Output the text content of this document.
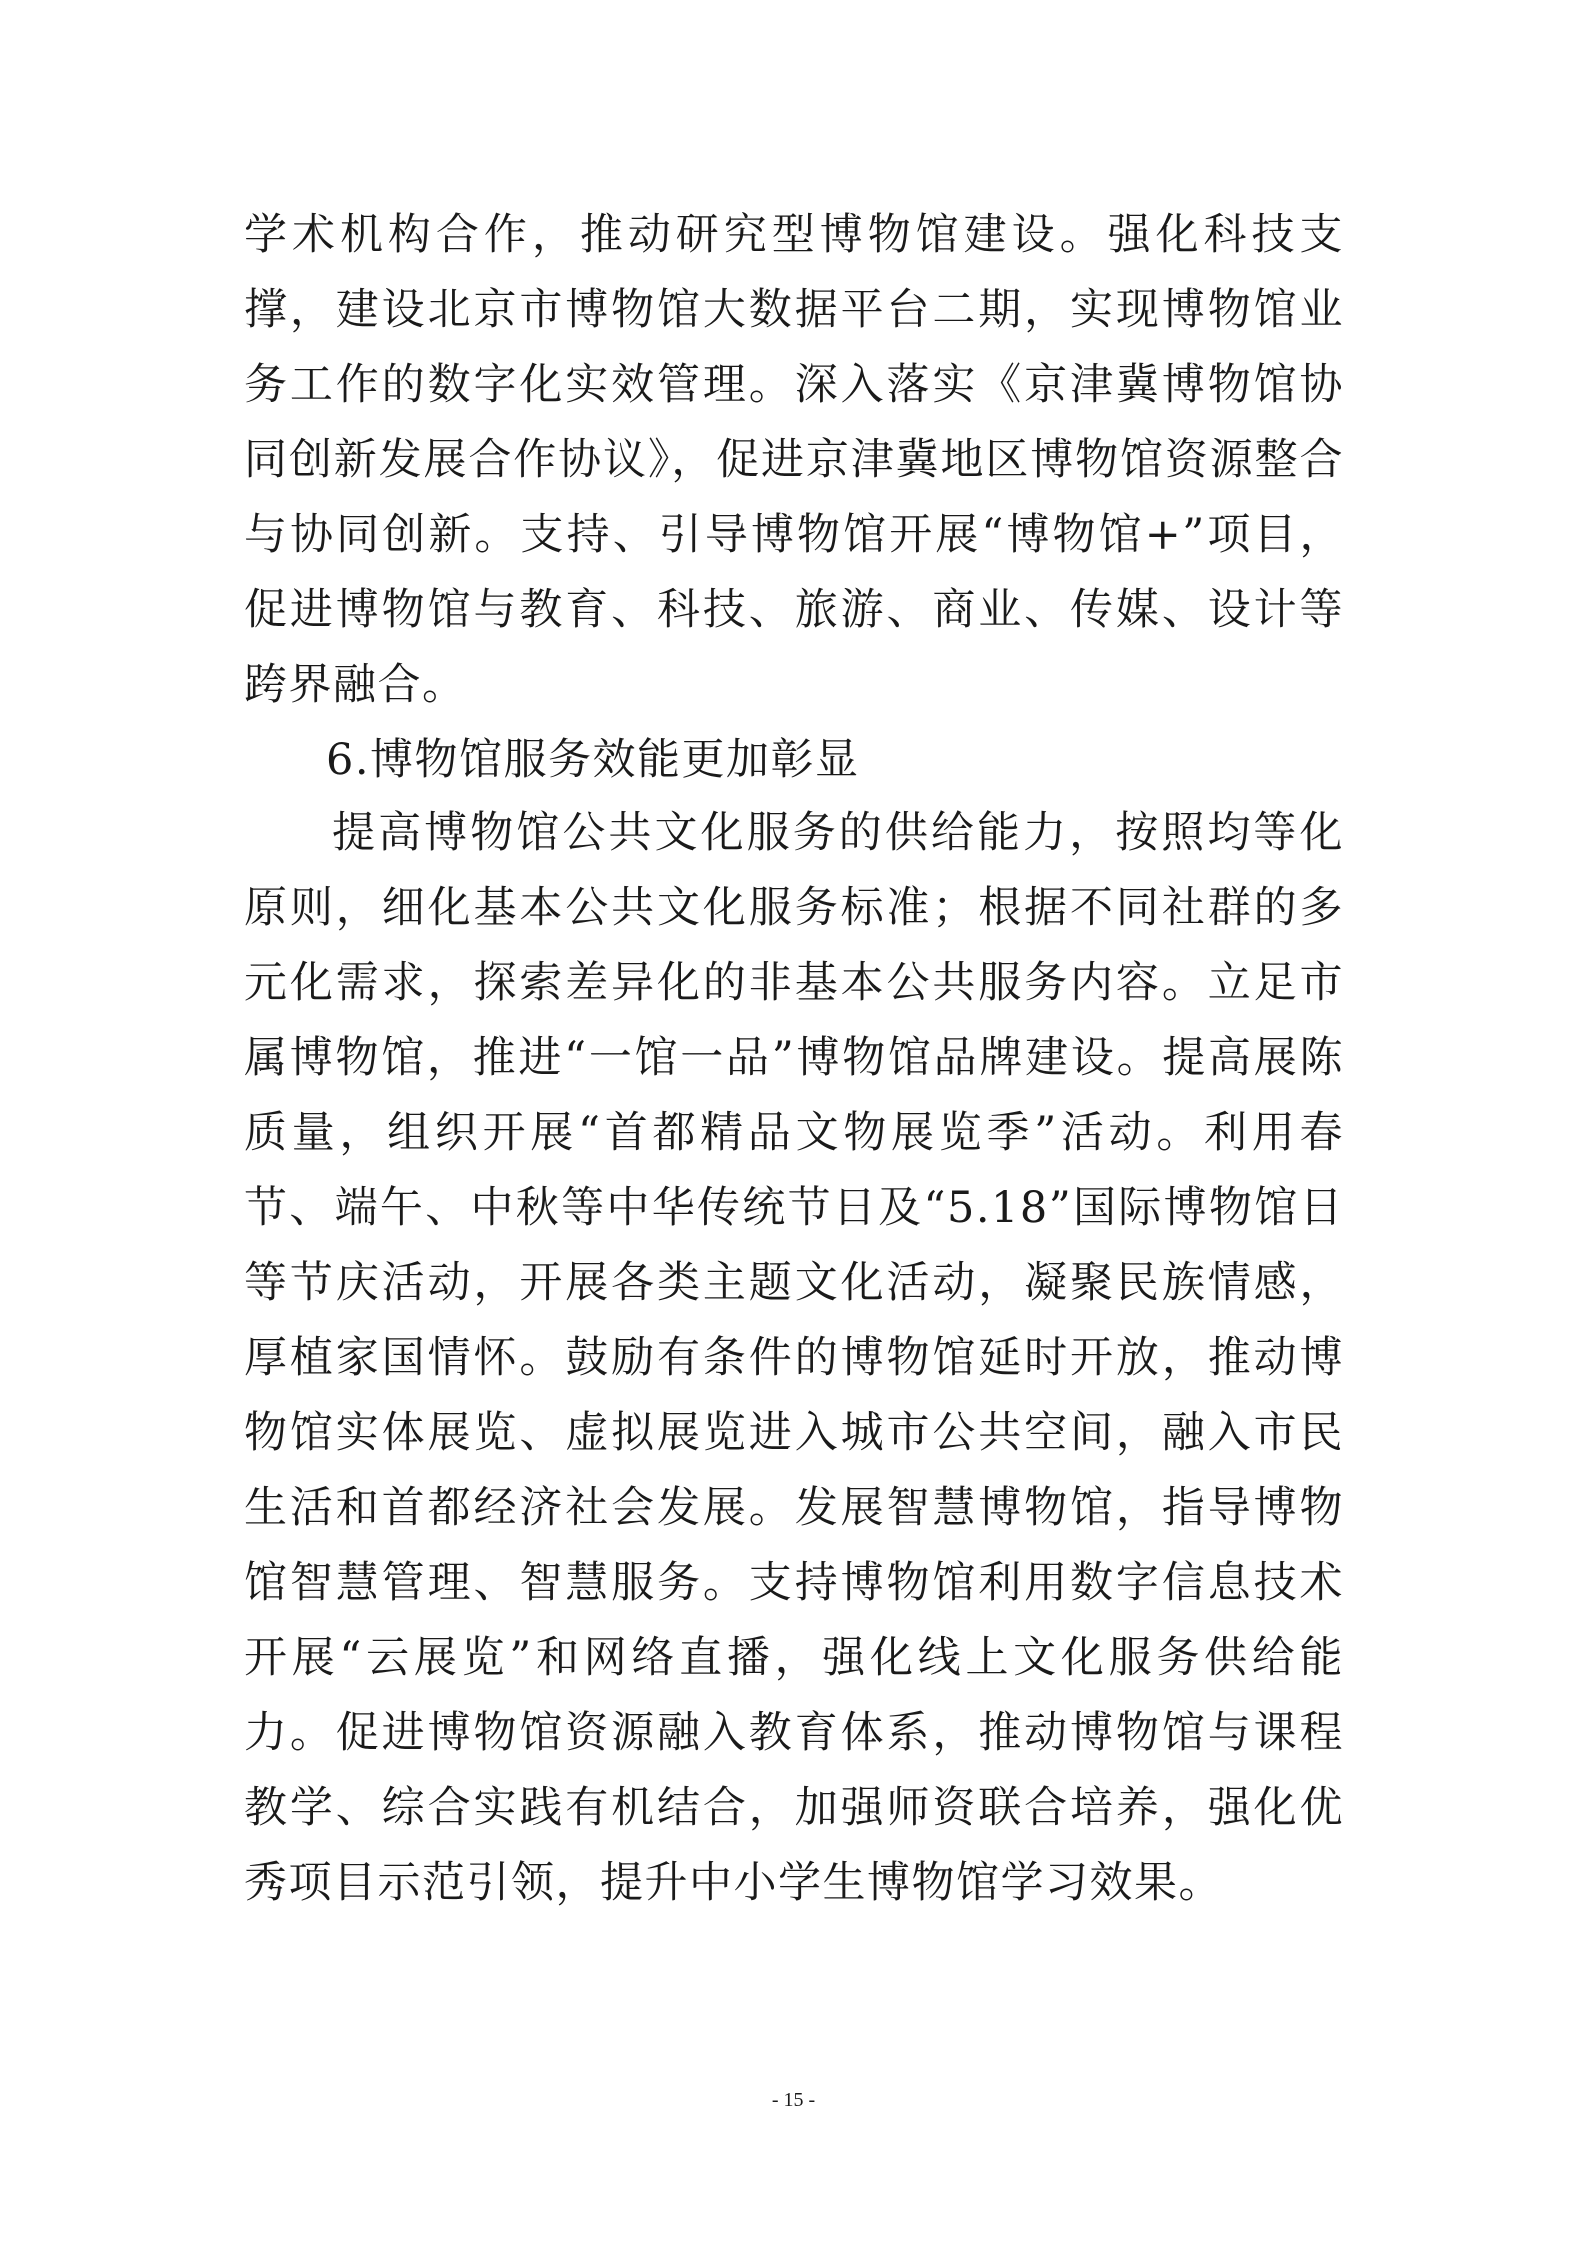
学术机构合作，推动研究型博物馆建设。强化科技支撑，建设北京市博物馆大数据平台二期，实现博物馆业务工作的数字化实效管理。深入落实《京津冀博物馆协同创新发展合作协议》，促进京津冀地区博物馆资源整合与协同创新。支持、引导博物馆开展“博物馆+”项目，促进博物馆与教育、科技、旅游、商业、传媒、设计等跨界融合。

6.博物馆服务效能更加彰显

提高博物馆公共文化服务的供给能力，按照均等化原则，细化基本公共文化服务标准；根据不同社群的多元化需求，探索差异化的非基本公共服务内容。立足市属博物馆，推进“一馆一品”博物馆品牌建设。提高展陈质量，组织开展“首都精品文物展览季”活动。利用春节、端午、中秋等中华传统节日及“5.18”国际博物馆日等节庆活动，开展各类主题文化活动，凝聚民族情感，厚植家国情怀。鼓励有条件的博物馆延时开放，推动博物馆实体展览、虚拟展览进入城市公共空间，融入市民生活和首都经济社会发展。发展智慧博物馆，指导博物馆智慧管理、智慧服务。支持博物馆利用数字信息技术开展“云展览”和网络直播，强化线上文化服务供给能力。促进博物馆资源融入教育体系，推动博物馆与课程教学、综合实践有机结合，加强师资联合培养，强化优秀项目示范引领，提升中小学生博物馆学习效果。

- 15 -
